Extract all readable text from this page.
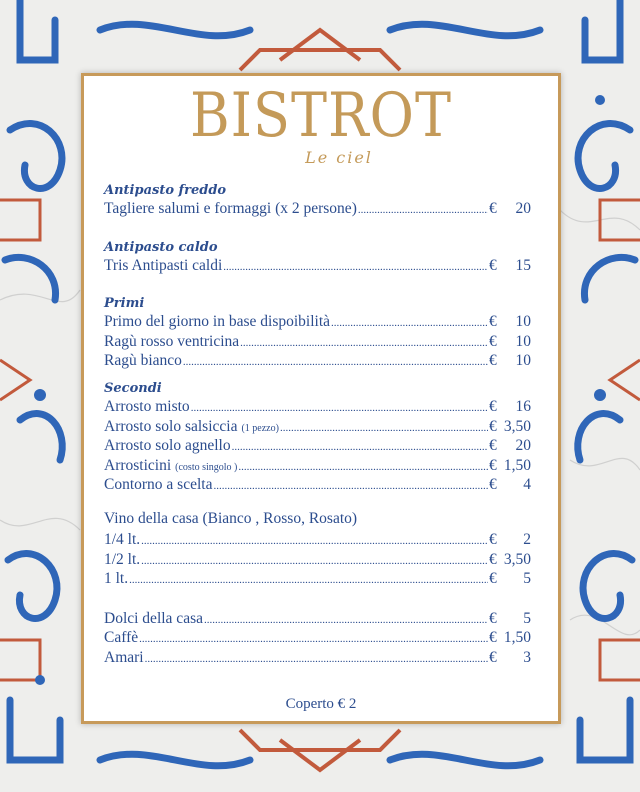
BISTROT
Le ciel
Antipasto freddo
Tagliere salumi e formaggi (x 2 persone) .....	€	20
Antipasto caldo
Tris Antipasti caldi .....	€	15
Primi
Primo del giorno in base dispoibilità .....	€	10
Ragù rosso ventricina .....	€	10
Ragù bianco .....	€	10
Secondi
Arrosto misto .....	€	16
Arrosto solo salsiccia (1 pezzo) .....	€ 3,50
Arrosto solo agnello .....	€	20
Arrosticini (costo singolo ) .....	€ 1,50
Contorno a scelta .....	€	4
Vino della casa (Bianco , Rosso, Rosato)
1/4 lt. .....	€	2
1/2 lt. .....	€ 3,50
1 lt. .....	€	5
Dolci della casa .....	€	5
Caffè .....	€ 1,50
Amari .....	€	3
Coperto € 2
